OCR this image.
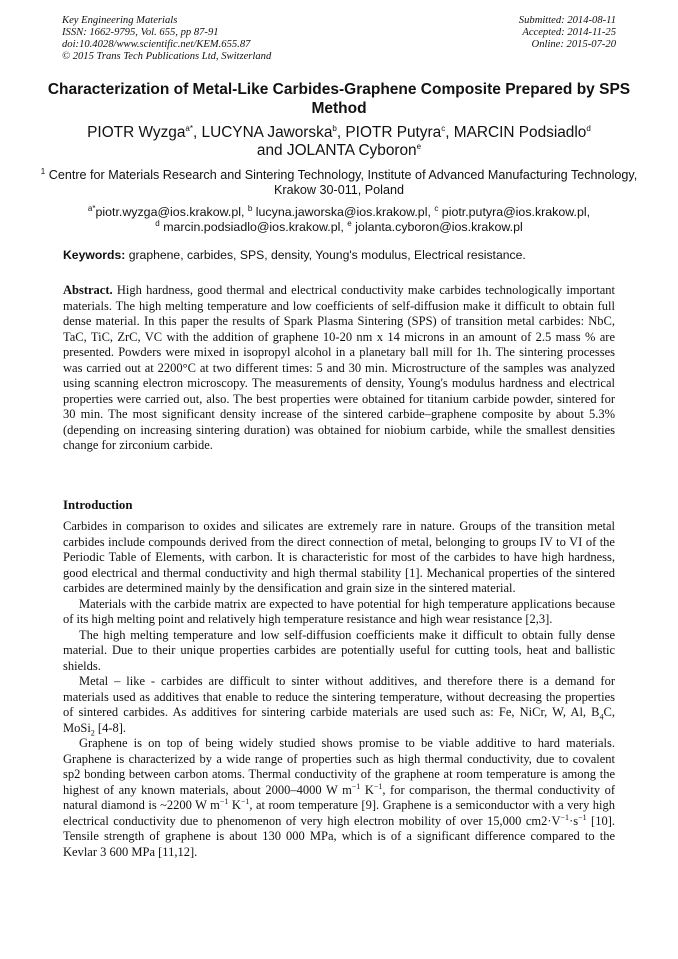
Key Engineering Materials
ISSN: 1662-9795, Vol. 655, pp 87-91
doi:10.4028/www.scientific.net/KEM.655.87
© 2015 Trans Tech Publications Ltd, Switzerland
Submitted: 2014-08-11
Accepted: 2014-11-25
Online: 2015-07-20
Characterization of Metal-Like Carbides-Graphene Composite Prepared by SPS Method
PIOTR Wyzga$^{a*}$, LUCYNA Jaworska$^b$, PIOTR Putyra$^c$, MARCIN Podsiadlo$^d$
and JOLANTA Cyboron$^e$
$^1$ Centre for Materials Research and Sintering Technology, Institute of Advanced Manufacturing Technology, Krakow 30-011, Poland
$^{a*}$piotr.wyzga@ios.krakow.pl, $^b$ lucyna.jaworska@ios.krakow.pl, $^c$ piotr.putyra@ios.krakow.pl,
$^d$ marcin.podsiadlo@ios.krakow.pl, $^e$ jolanta.cyboron@ios.krakow.pl
Keywords: graphene, carbides, SPS, density, Young's modulus, Electrical resistance.
Abstract. High hardness, good thermal and electrical conductivity make carbides technologically important materials. The high melting temperature and low coefficients of self-diffusion make it difficult to obtain full dense material. In this paper the results of Spark Plasma Sintering (SPS) of transition metal carbides: NbC, TaC, TiC, ZrC, VC with the addition of graphene 10-20 nm x 14 microns in an amount of 2.5 mass % are presented. Powders were mixed in isopropyl alcohol in a planetary ball mill for 1h. The sintering processes was carried out at 2200°C at two different times: 5 and 30 min. Microstructure of the samples was analyzed using scanning electron microscopy. The measurements of density, Young's modulus hardness and electrical properties were carried out, also. The best properties were obtained for titanium carbide powder, sintered for 30 min. The most significant density increase of the sintered carbide–graphene composite by about 5.3% (depending on increasing sintering duration) was obtained for niobium carbide, while the smallest densities change for zirconium carbide.
Introduction

Carbides in comparison to oxides and silicates are extremely rare in nature. Groups of the transition metal carbides include compounds derived from the direct connection of metal, belonging to groups IV to VI of the Periodic Table of Elements, with carbon. It is characteristic for most of the carbides to have high hardness, good electrical and thermal conductivity and high thermal stability [1]. Mechanical properties of the sintered carbides are determined mainly by the densification and grain size in the sintered material.

Materials with the carbide matrix are expected to have potential for high temperature applications because of its high melting point and relatively high temperature resistance and high wear resistance [2,3].

The high melting temperature and low self-diffusion coefficients make it difficult to obtain fully dense material. Due to their unique properties carbides are potentially useful for cutting tools, heat and ballistic shields.

Metal – like - carbides are difficult to sinter without additives, and therefore there is a demand for materials used as additives that enable to reduce the sintering temperature, without decreasing the properties of sintered carbides. As additives for sintering carbide materials are used such as: Fe, NiCr, W, Al, $B_4C$, MoSi$_2$ [4-8].

Graphene is on top of being widely studied shows promise to be viable additive to hard materials. Graphene is characterized by a wide range of properties such as high thermal conductivity, due to covalent sp2 bonding between carbon atoms. Thermal conductivity of the graphene at room temperature is among the highest of any known materials, about 2000–4000 W $m^{-1}$ $K^{-1}$, for comparison, the thermal conductivity of natural diamond is ~2200 W $m^{-1}$ $K^{-1}$, at room temperature [9]. Graphene is a semiconductor with a very high electrical conductivity due to phenomenon of very high electron mobility of over 15,000 $cm2\cdot V^{-1}\cdot s^{-1}$ [10]. Tensile strength of graphene is about 130 000 MPa, which is of a significant difference compared to the Kevlar 3 600 MPa [11,12].
